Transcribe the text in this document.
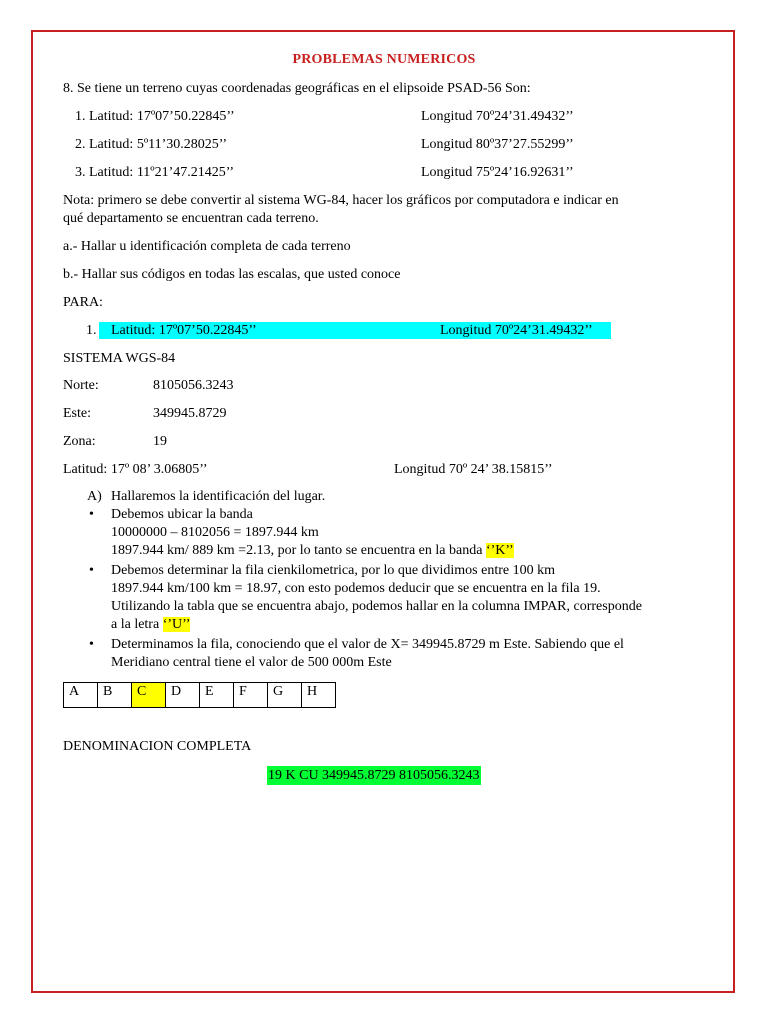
PROBLEMAS NUMERICOS
8. Se tiene un terreno cuyas coordenadas geográficas en el elipsoide PSAD-56 Son:
1. Latitud: 17º07’50.22845’’	Longitud 70º24’31.49432’’
2. Latitud: 5º11’30.28025’’	Longitud 80º37’27.55299’’
3. Latitud: 11º21’47.21425’’	Longitud 75º24’16.92631’’
Nota: primero se debe convertir al sistema WG-84, hacer los gráficos por computadora e indicar en
qué departamento se encuentran cada terreno.
a.- Hallar u identificación completa de cada terreno
b.- Hallar sus códigos en todas las escalas, que usted conoce
PARA:
1. Latitud: 17º07’50.22845’’	Longitud 70º24’31.49432’’
SISTEMA WGS-84
Norte:	8105056.3243
Este:	349945.8729
Zona:	19
Latitud: 17º 08’ 3.06805’’	Longitud 70º 24’ 38.15815’’
A) Hallaremos la identificación del lugar.
• Debemos ubicar la banda
10000000 – 8102056 = 1897.944 km
1897.944 km/ 889 km =2.13, por lo tanto se encuentra en la banda ‘’K’’
• Debemos determinar la fila cienkilometrica, por lo que dividimos entre 100 km
1897.944 km/100 km = 18.97, con esto podemos deducir que se encuentra en la fila 19.
Utilizando la tabla que se encuentra abajo, podemos hallar en la columna IMPAR, corresponde
a la letra ‘’U’’
• Determinamos la fila, conociendo que el valor de X= 349945.8729 m Este. Sabiendo que el
Meridiano central tiene el valor de 500 000m Este
A	B	C	D	E	F	G	H
DENOMINACION COMPLETA
19 K CU 349945.8729 8105056.3243
